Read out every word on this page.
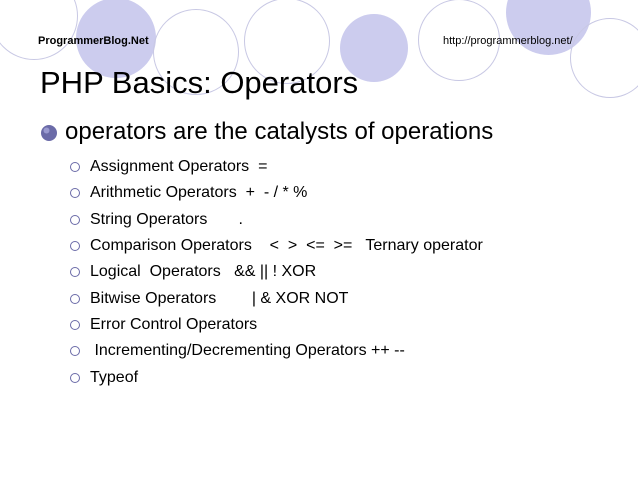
ProgrammerBlog.Net	http://programmerblog.net/
PHP Basics: Operators
operators are the catalysts of operations
Assignment Operators  =
Arithmetic Operators  +  - / * %
String Operators       .
Comparison Operators    <  >  <=  >=   Ternary operator
Logical  Operators   && || ! XOR
Bitwise Operators        | & XOR NOT
Error Control Operators
Incrementing/Decrementing Operators ++ --
Typeof
